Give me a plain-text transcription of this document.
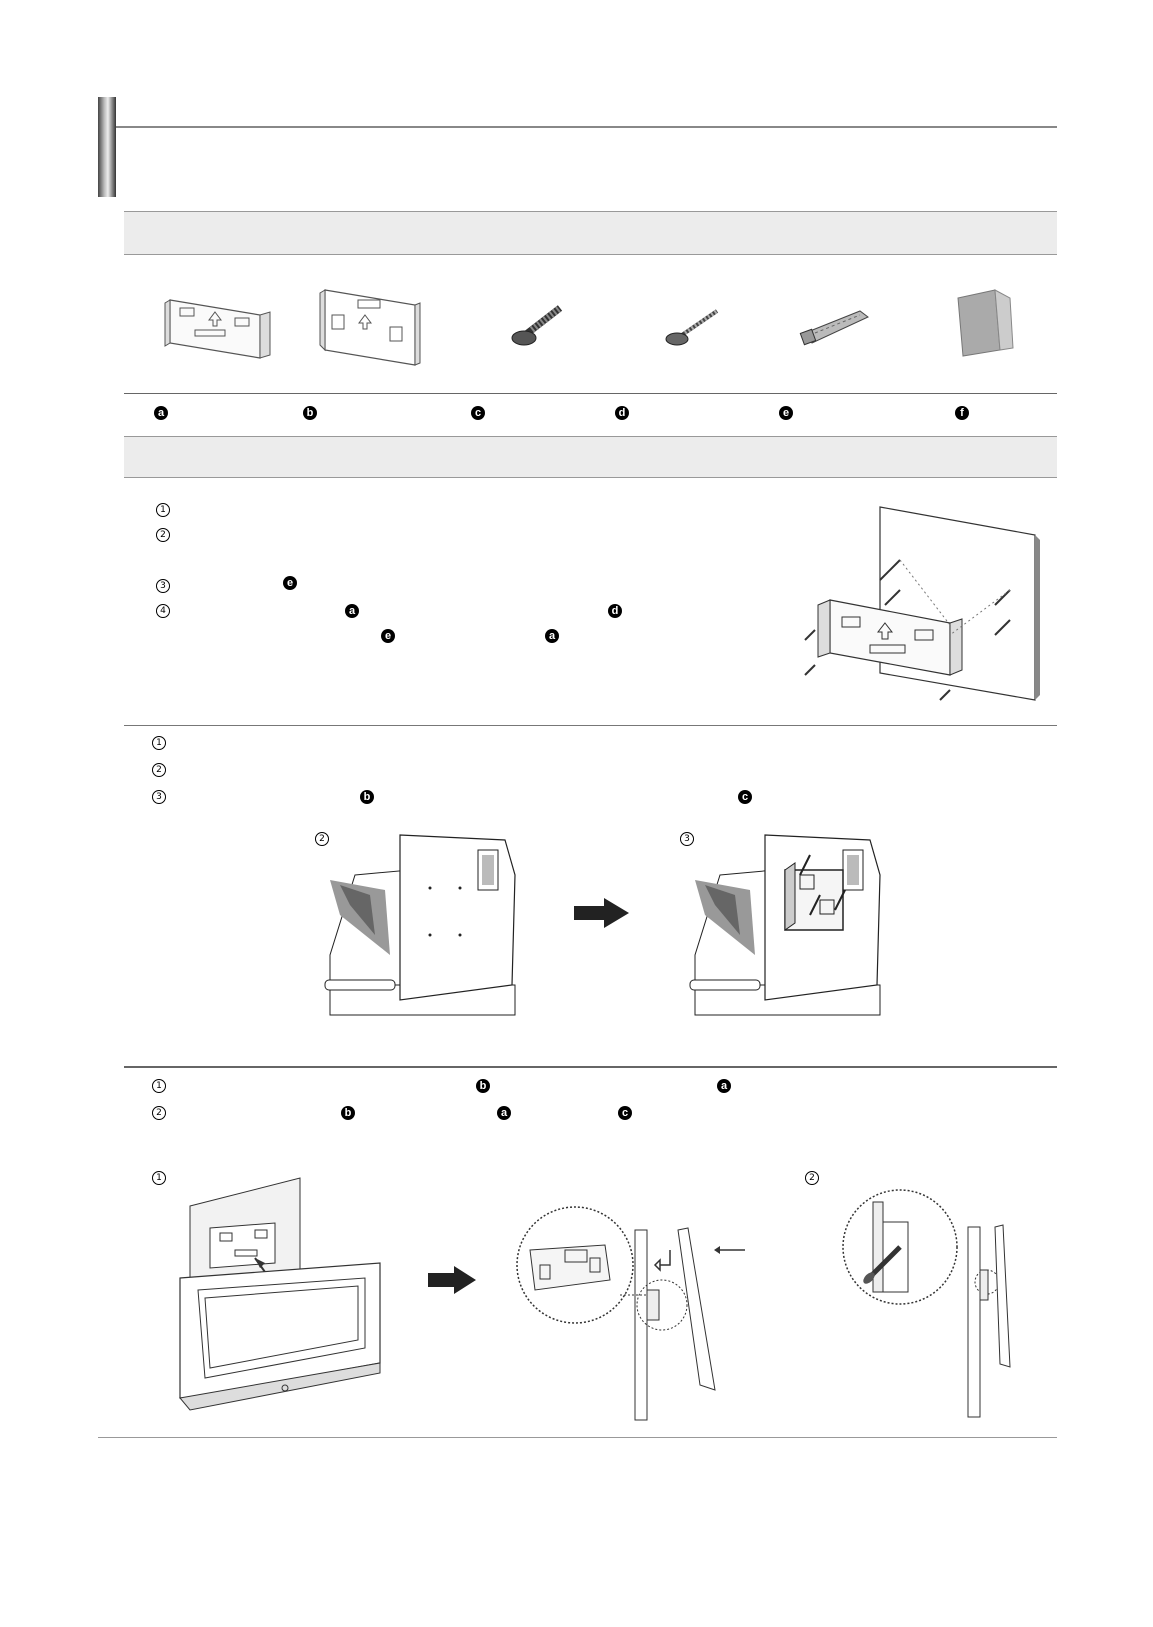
a	b	c	d	e	f
1
2
3	e
4	a	d
e	a
1
2
3	b	c
2	3
1	b	a
2	b	a	c
1	2
